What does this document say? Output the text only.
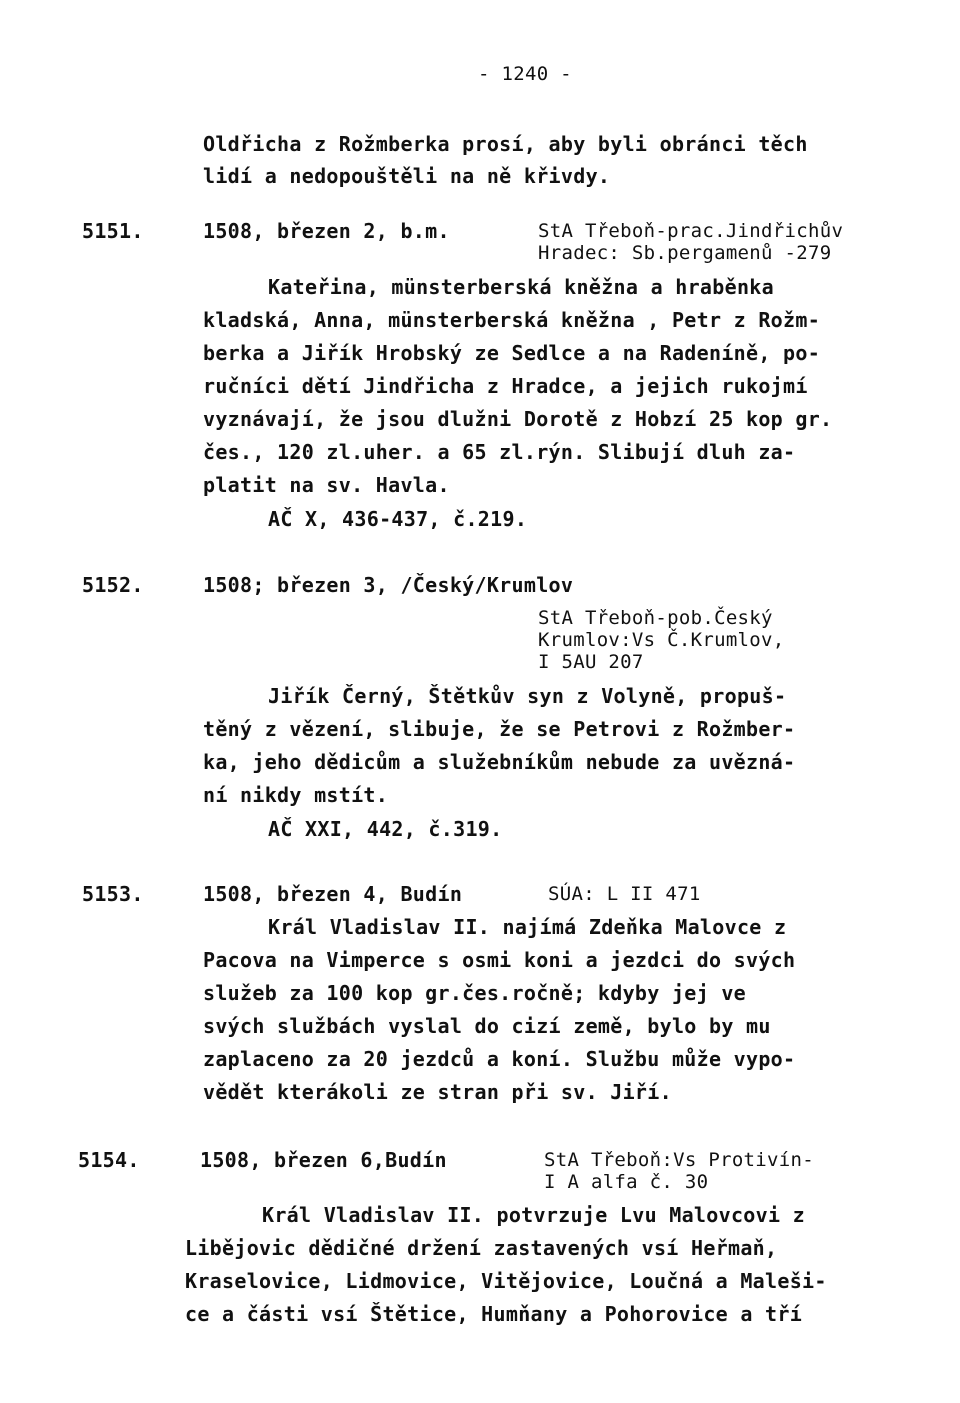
- 1240 -
Oldřicha z Rožmberka prosí, aby byli obránci těch
lidí a nedopouštěli na ně křivdy.
5151.	1508, březen 2, b.m.	StA Třeboň-prac.Jindřichův
Hradec: Sb.pergamenů -279
Kateřina, münsterberská kněžna a hraběnka
kladská, Anna, münsterberská kněžna , Petr z Rožm-
berka a Jiřík Hrobský ze Sedlce a na Radeníně, po-
ručníci dětí Jindřicha z Hradce, a jejich rukojmí
vyznávají, že jsou dlužni Dorotě z Hobzí 25 kop gr.
čes., 120 zl.uher. a 65 zl.rýn. Slibují dluh za-
platit na sv. Havla.
AČ X, 436-437, č.219.
5152.	1508; březen 3, /Český/Krumlov
StA Třeboň-pob.Český
Krumlov:Vs Č.Krumlov,
I 5AU 207
Jiřík Černý, Štětkův syn z Volyně, propuš-
těný z vězení, slibuje, že se Petrovi z Rožmber-
ka, jeho dědicům a služebníkům nebude za uvězná-
ní nikdy mstít.
AČ XXI, 442, č.319.
5153.	1508, březen 4, Budín	SÚA: L II 471
Král Vladislav II. najímá Zdeňka Malovce z
Pacova na Vimperce s osmi koni a jezdci do svých
služeb za 100 kop gr.čes.ročně; kdyby jej ve
svých službách vyslal do cizí země, bylo by mu
zaplaceno za 20 jezdců a koní. Službu může vypo-
vědět kterákoli ze stran při sv. Jiří.
5154.	1508, březen 6,Budín	StA Třeboň:Vs Protivín-
I A alfa č. 30
Král Vladislav II. potvrzuje Lvu Malovcovi z
Libějovic dědičné držení zastavených vsí Heřmaň,
Kraselovice, Lidmovice, Vitějovice, Loučná a Maleši-
ce a části vsí Štětice, Humňany a Pohorovice a tří
